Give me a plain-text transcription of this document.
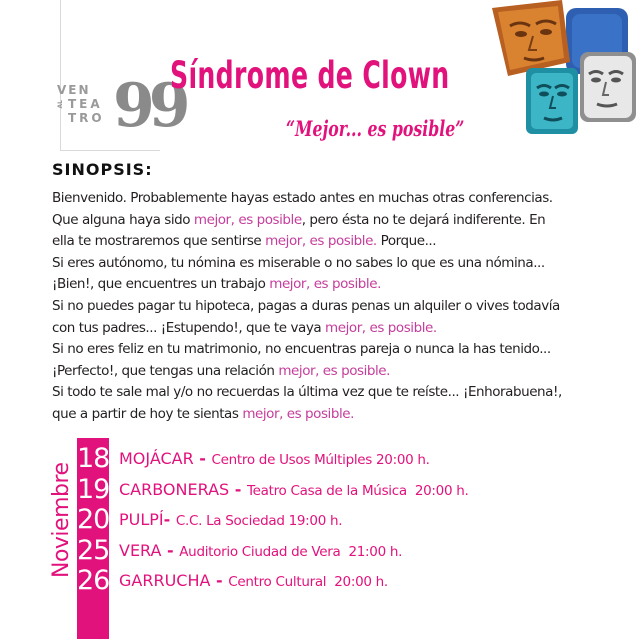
VEN
AL TEA
TRO 99
Síndrome de Clown
“Mejor... es posible”
SINOPSIS:
Bienvenido. Probablemente hayas estado antes en muchas otras conferencias.
Que alguna haya sido mejor, es posible, pero ésta no te dejará indiferente. En
ella te mostraremos que sentirse mejor, es posible. Porque...
Si eres autónomo, tu nómina es miserable o no sabes lo que es una nómina...
¡Bien!, que encuentres un trabajo mejor, es posible.
Si no puedes pagar tu hipoteca, pagas a duras penas un alquiler o vives todavía
con tus padres... ¡Estupendo!, que te vaya mejor, es posible.
Si no eres feliz en tu matrimonio, no encuentras pareja o nunca la has tenido...
¡Perfecto!, que tengas una relación mejor, es posible.
Si todo te sale mal y/o no recuerdas la última vez que te reíste... ¡Enhorabuena!,
que a partir de hoy te sientas mejor, es posible.
Noviembre
18 MOJÁCAR - Centro de Usos Múltiples 20:00 h.
19 CARBONERAS - Teatro Casa de la Música  20:00 h.
20 PULPÍ- C.C. La Sociedad 19:00 h.
25 VERA - Auditorio Ciudad de Vera  21:00 h.
26 GARRUCHA - Centro Cultural  20:00 h.
